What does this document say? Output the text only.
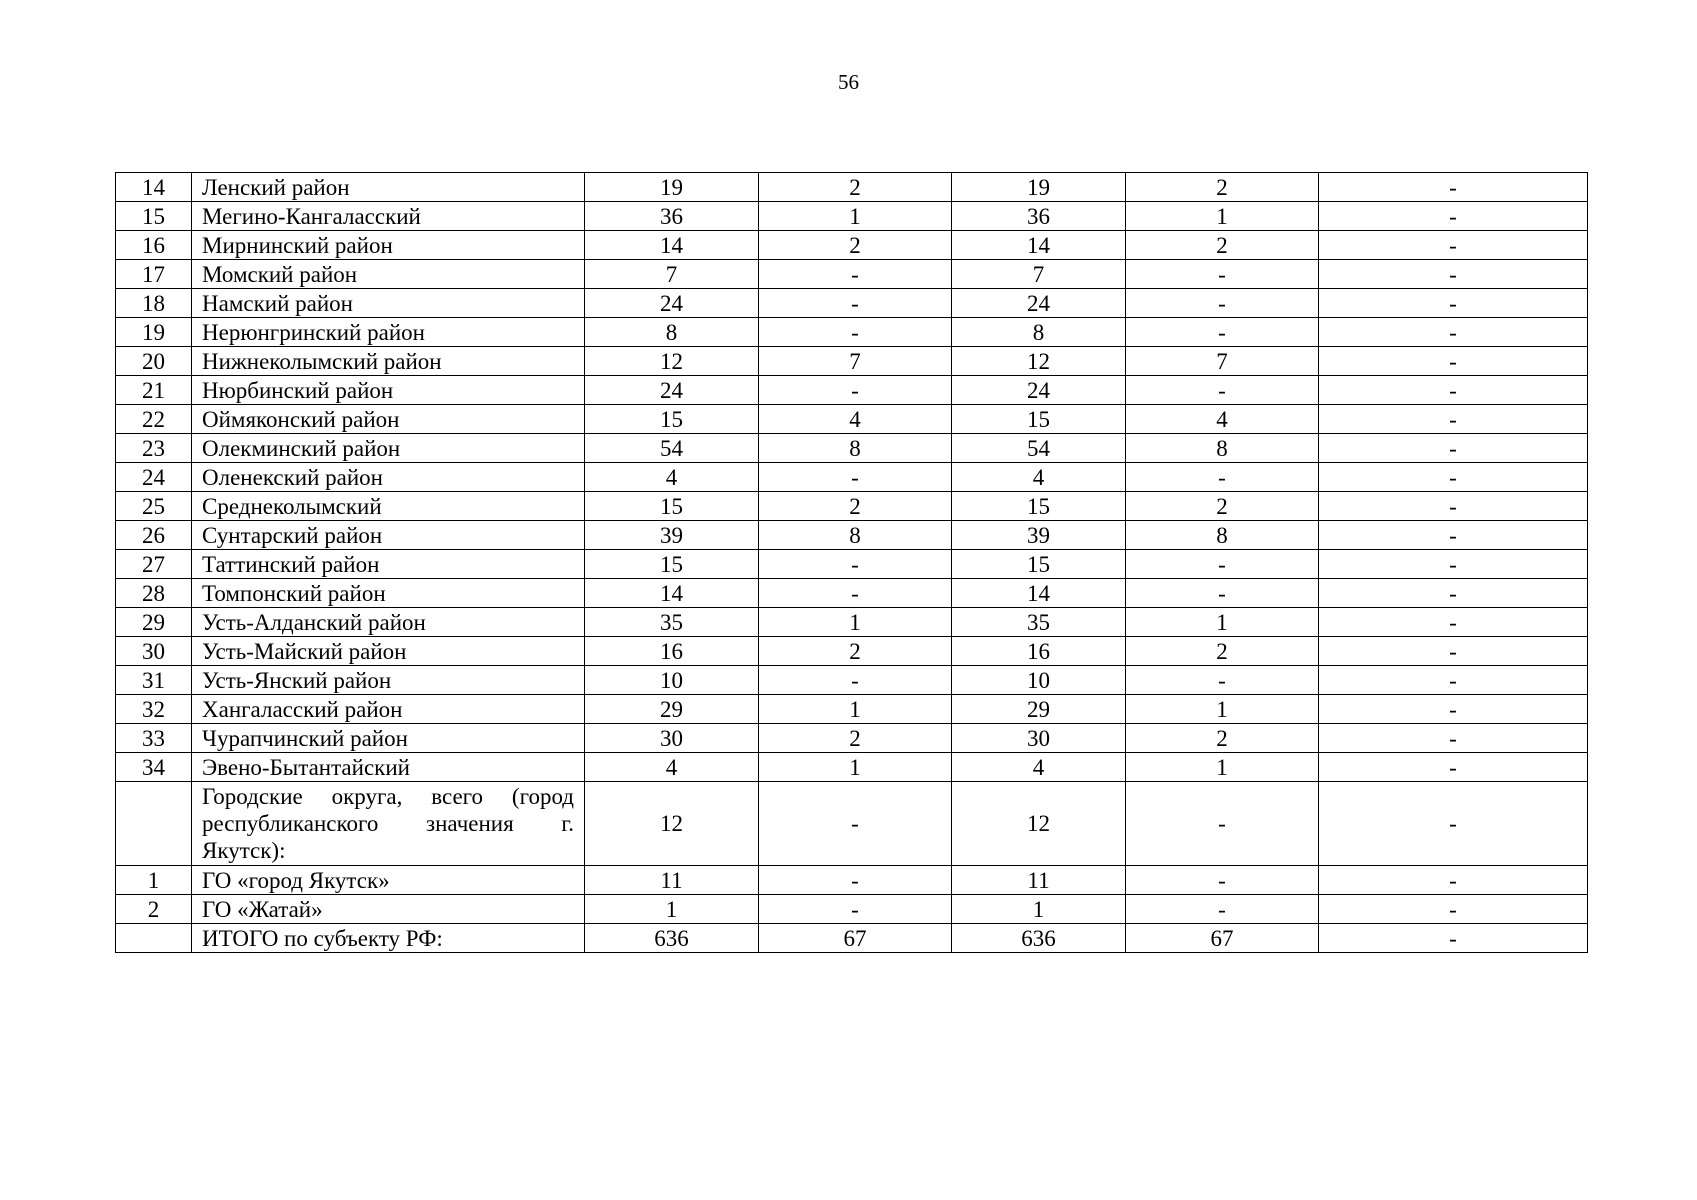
56
14	Ленский район	19	2	19	2	-
15	Мегино-Кангаласский	36	1	36	1	-
16	Мирнинский район	14	2	14	2	-
17	Момский район	7	-	7	-	-
18	Намский район	24	-	24	-	-
19	Нерюнгринский район	8	-	8	-	-
20	Нижнеколымский район	12	7	12	7	-
21	Нюрбинский район	24	-	24	-	-
22	Оймяконский район	15	4	15	4	-
23	Олекминский район	54	8	54	8	-
24	Оленекский район	4	-	4	-	-
25	Среднеколымский	15	2	15	2	-
26	Сунтарский район	39	8	39	8	-
27	Таттинский район	15	-	15	-	-
28	Томпонский район	14	-	14	-	-
29	Усть-Алданский район	35	1	35	1	-
30	Усть-Майский район	16	2	16	2	-
31	Усть-Янский район	10	-	10	-	-
32	Хангаласский район	29	1	29	1	-
33	Чурапчинский район	30	2	30	2	-
34	Эвено-Бытантайский	4	1	4	1	-
	Городские округа, всего (город республиканского значения г. Якутск):	12	-	12	-	-
1	ГО «город Якутск»	11	-	11	-	-
2	ГО «Жатай»	1	-	1	-	-
	ИТОГО по субъекту РФ:	636	67	636	67	-
